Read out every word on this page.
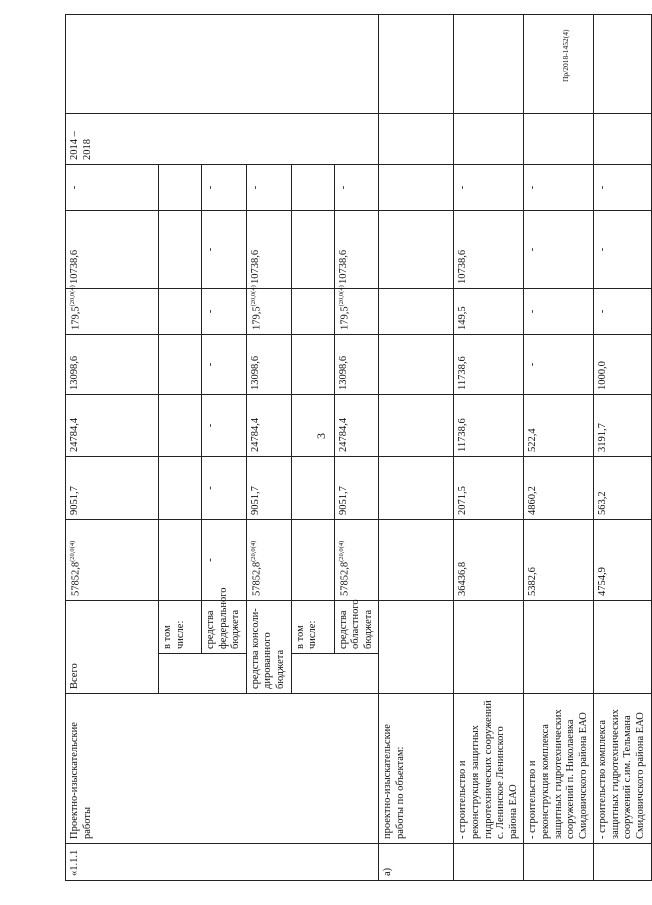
3
Пр/2018-1452(4)
«1.1.1	Проектно-изыскательские работы	Всего		$57852,8^{(20,0(4)}$	9051,7	24784,4	13098,6	$179,5^{(20,0(4)}$	10738,6	-	2014 – 2018	
			в том числе:									
			средства федерального бюджета	-	-	-	-	-	-	-		
		средства консоли-дированного бюджета		$57852,8^{(20,0(4)}$	9051,7	24784,4	13098,6	$179,5^{(20,0(4)}$	10738,6	-		
			в том числе:									
			средства областного бюджета	$57852,8^{(20,0(4)}$	9051,7	24784,4	13098,6	$179,5^{(20,0(4)}$	10738,6	-		
а)	проектно-изыскательские работы по объектам:											
	- строительство и реконструкция защитных гидротехнических сооружений с. Ленинское Ленинского района ЕАО			36436,8	2071,5	11738,6	11738,6	149,5	10738,6	-		
	- строительство и реконструкция комплекса защитных гидротехнических сооружений п. Николаевка Смидовичского района ЕАО			5382,6	4860,2	522,4	-	-	-	-		
	- строительство комплекса защитных гидротехнических сооружений с.им. Тельмана Смидовичского района ЕАО			4754,9	563,2	3191,7	1000,0	-	-	-		
